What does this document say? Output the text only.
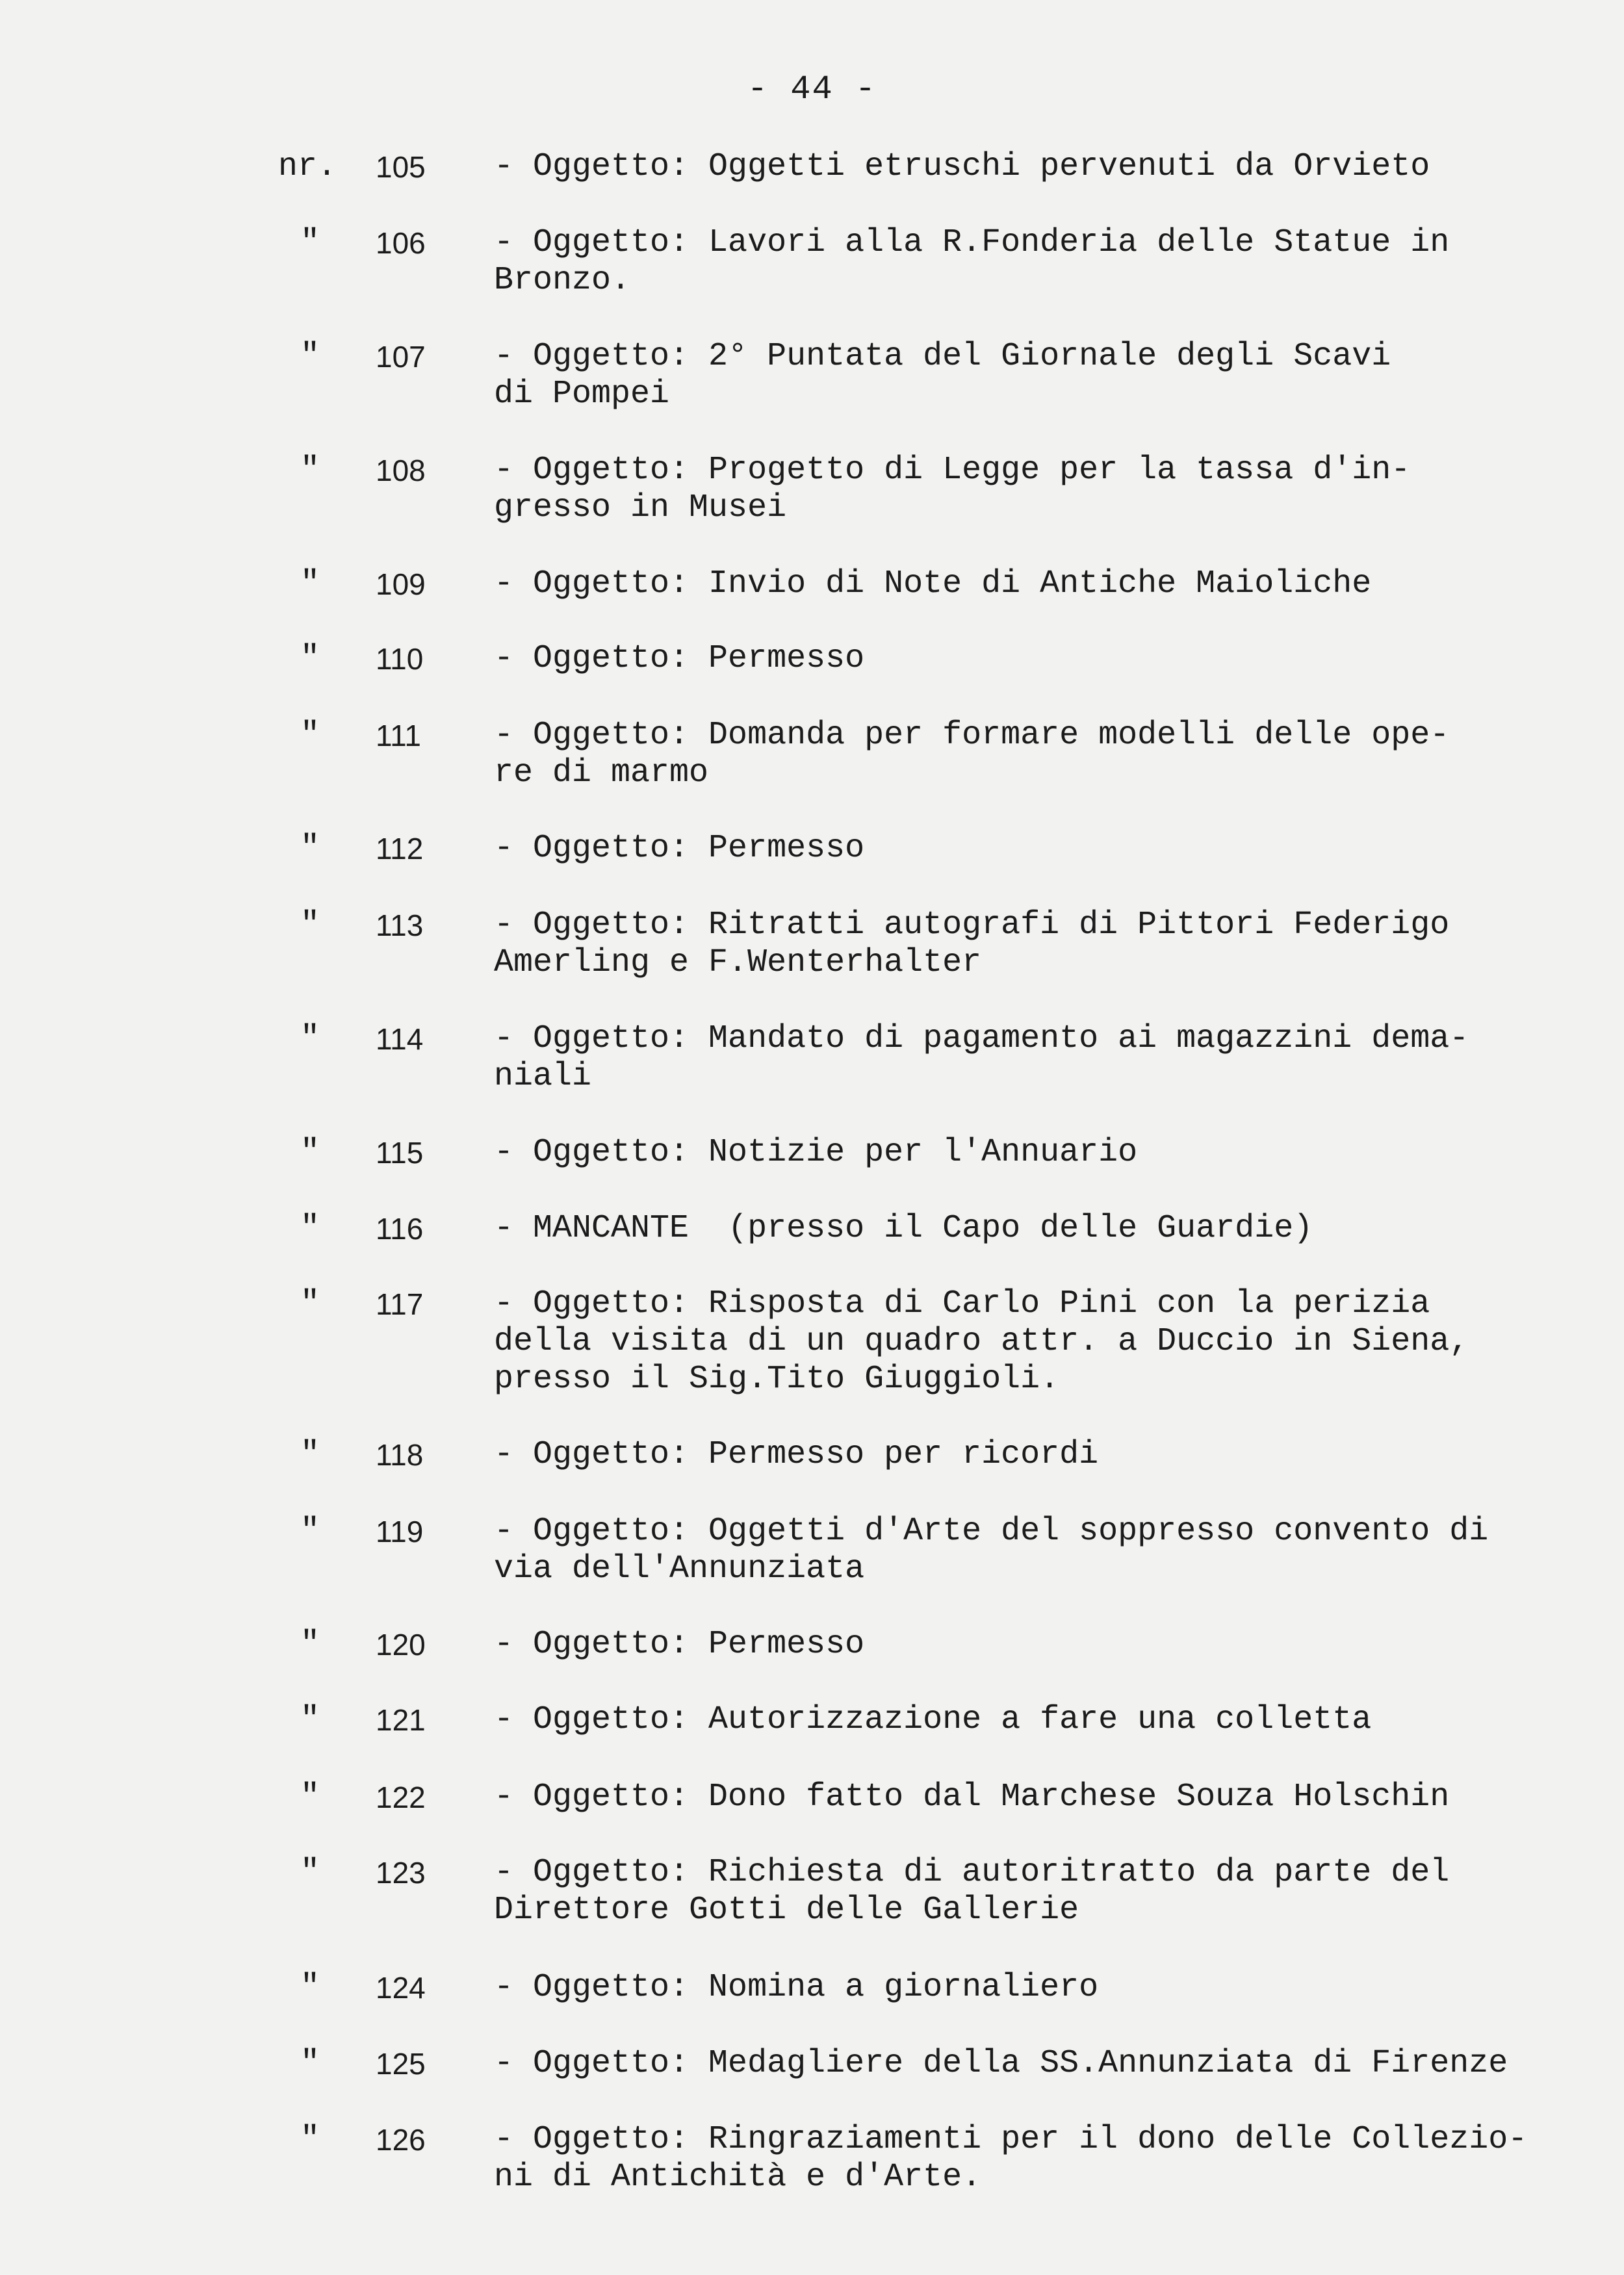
- 44 -
nr.	105	- Oggetto: Oggetti etruschi pervenuti da Orvieto
"	106	- Oggetto: Lavori alla R.Fonderia delle Statue in
Bronzo.
"	107	- Oggetto: 2° Puntata del Giornale degli Scavi
di Pompei
"	108	- Oggetto: Progetto di Legge per la tassa d'in-
gresso in Musei
"	109	- Oggetto: Invio di Note di Antiche Maioliche
"	110	- Oggetto: Permesso
"	111	- Oggetto: Domanda per formare modelli delle ope-
re di marmo
"	112	- Oggetto: Permesso
"	113	- Oggetto: Ritratti autografi di Pittori Federigo
Amerling e F.Wenterhalter
"	114	- Oggetto: Mandato di pagamento ai magazzini dema-
niali
"	115	- Oggetto: Notizie per l'Annuario
"	116	- MANCANTE  (presso il Capo delle Guardie)
"	117	- Oggetto: Risposta di Carlo Pini con la perizia
della visita di un quadro attr. a Duccio in Siena,
presso il Sig.Tito Giuggioli.
"	118	- Oggetto: Permesso per ricordi
"	119	- Oggetto: Oggetti d'Arte del soppresso convento di
via dell'Annunziata
"	120	- Oggetto: Permesso
"	121	- Oggetto: Autorizzazione a fare una colletta
"	122	- Oggetto: Dono fatto dal Marchese Souza Holschin
"	123	- Oggetto: Richiesta di autoritratto da parte del
Direttore Gotti delle Gallerie
"	124	- Oggetto: Nomina a giornaliero
"	125	- Oggetto: Medagliere della SS.Annunziata di Firenze
"	126	- Oggetto: Ringraziamenti per il dono delle Collezio-
ni di Antichità e d'Arte.
